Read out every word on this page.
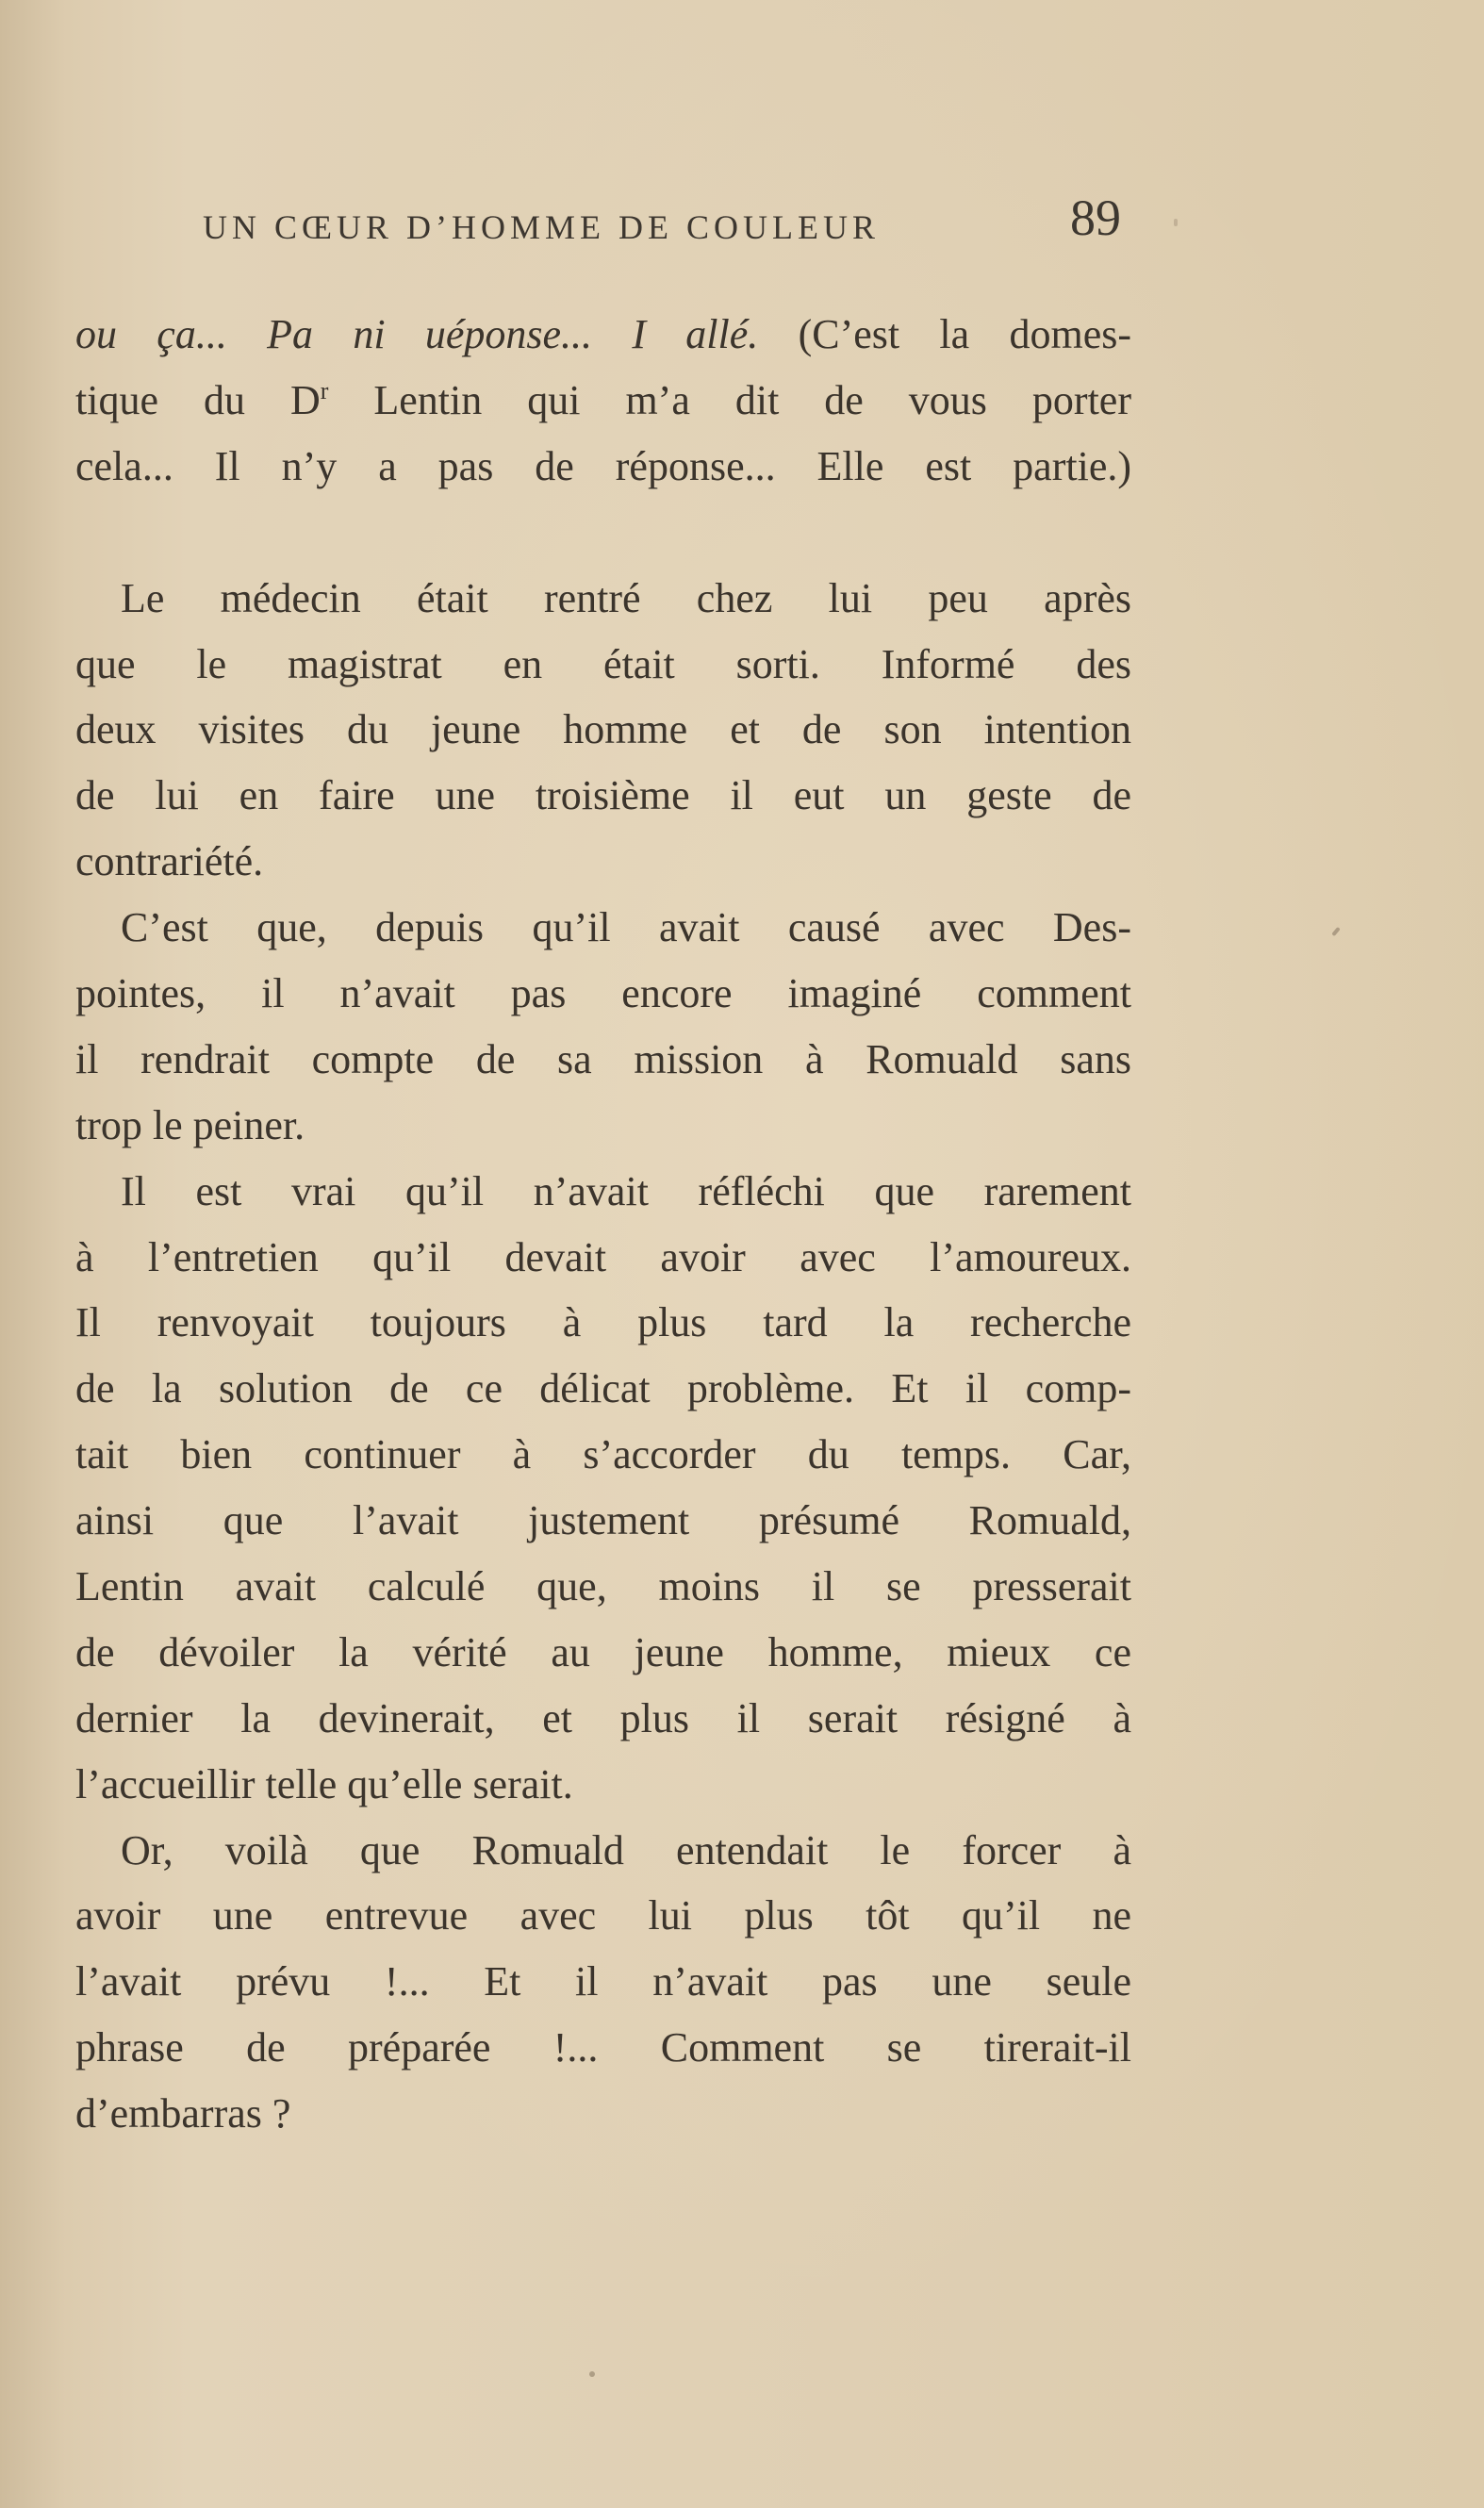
UN CŒUR D’HOMME DE COULEUR	89
ou ça... Pa ni uéponse... I allé. (C’est la domes-
tique du $D^r$ Lentin qui m’a dit de vous porter
cela... Il n’y a pas de réponse... Elle est partie.)
Le médecin était rentré chez lui peu après
que le magistrat en était sorti. Informé des
deux visites du jeune homme et de son intention
de lui en faire une troisième il eut un geste de
contrariété.
C’est que, depuis qu’il avait causé avec Des-
pointes, il n’avait pas encore imaginé comment
il rendrait compte de sa mission à Romuald sans
trop le peiner.
Il est vrai qu’il n’avait réfléchi que rarement
à l’entretien qu’il devait avoir avec l’amoureux.
Il renvoyait toujours à plus tard la recherche
de la solution de ce délicat problème. Et il comp-
tait bien continuer à s’accorder du temps. Car,
ainsi que l’avait justement présumé Romuald,
Lentin avait calculé que, moins il se presserait
de dévoiler la vérité au jeune homme, mieux ce
dernier la devinerait, et plus il serait résigné à
l’accueillir telle qu’elle serait.
Or, voilà que Romuald entendait le forcer à
avoir une entrevue avec lui plus tôt qu’il ne
l’avait prévu !... Et il n’avait pas une seule
phrase de préparée !... Comment se tirerait-il
d’embarras ?
